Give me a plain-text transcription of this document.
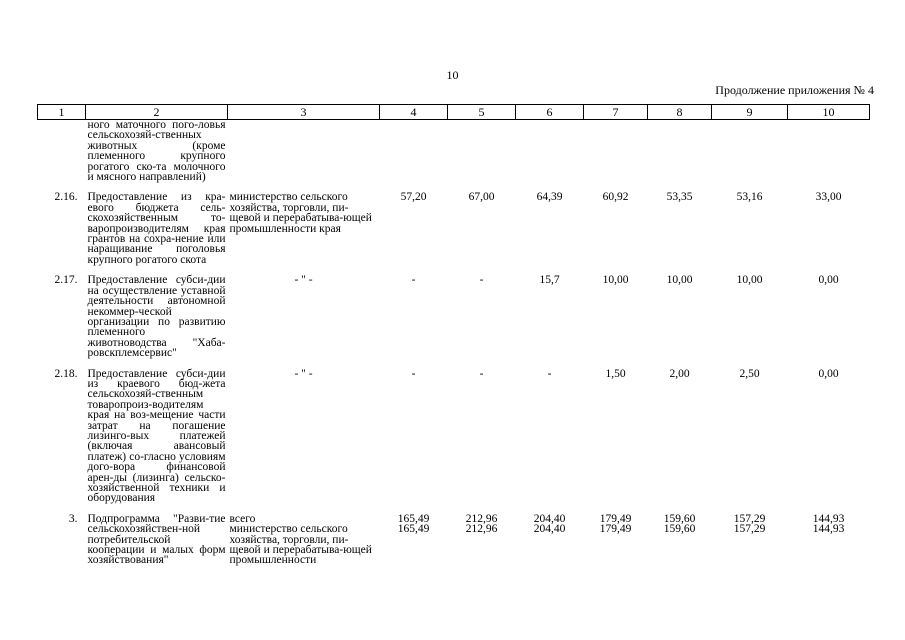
10
Продолжение приложения № 4
1	2	3	4	5	6	7	8	9	10
	ного маточного пого-ловья сельскохозяй-ственных животных (кроме племенного крупного рогатого ско-та молочного и мясного направлений)								

2.16.	Предоставление из кра-евого бюджета сель-скохозяйственным то-варопроизводителям края грантов на сохра-нение или наращивание поголовья крупного рогатого скота	министерство сельского хозяйства, торговли, пи-щевой и перерабатыва-ющей промышленности края	57,20	67,00	64,39	60,92	53,35	53,16	33,00

2.17.	Предоставление субси-дии на осуществление уставной деятельности автономной некоммер-ческой организации по развитию племенного животноводства "Хаба-ровскплемсервис"	- " -	-	-	15,7	10,00	10,00	10,00	0,00

2.18.	Предоставление субси-дии из краевого бюд-жета сельскохозяй-ственным товаропроиз-водителям края на воз-мещение части затрат на погашение лизинго-вых платежей (включая авансовый платеж) со-гласно условиям дого-вора финансовой арен-ды (лизинга) сельско-хозяйственной техники и оборудования	- " -	-	-	-	1,50	2,00	2,50	0,00

3.	Подпрограмма "Разви-тие сельскохозяйствен-ной потребительской кооперации и малых форм хозяйствования"	всего	165,49	212,96	204,40	179,49	159,60	157,29	144,93
		министерство сельского хозяйства, торговли, пи-щевой и перерабатыва-ющей промышленности	165,49	212,96	204,40	179,49	159,60	157,29	144,93
